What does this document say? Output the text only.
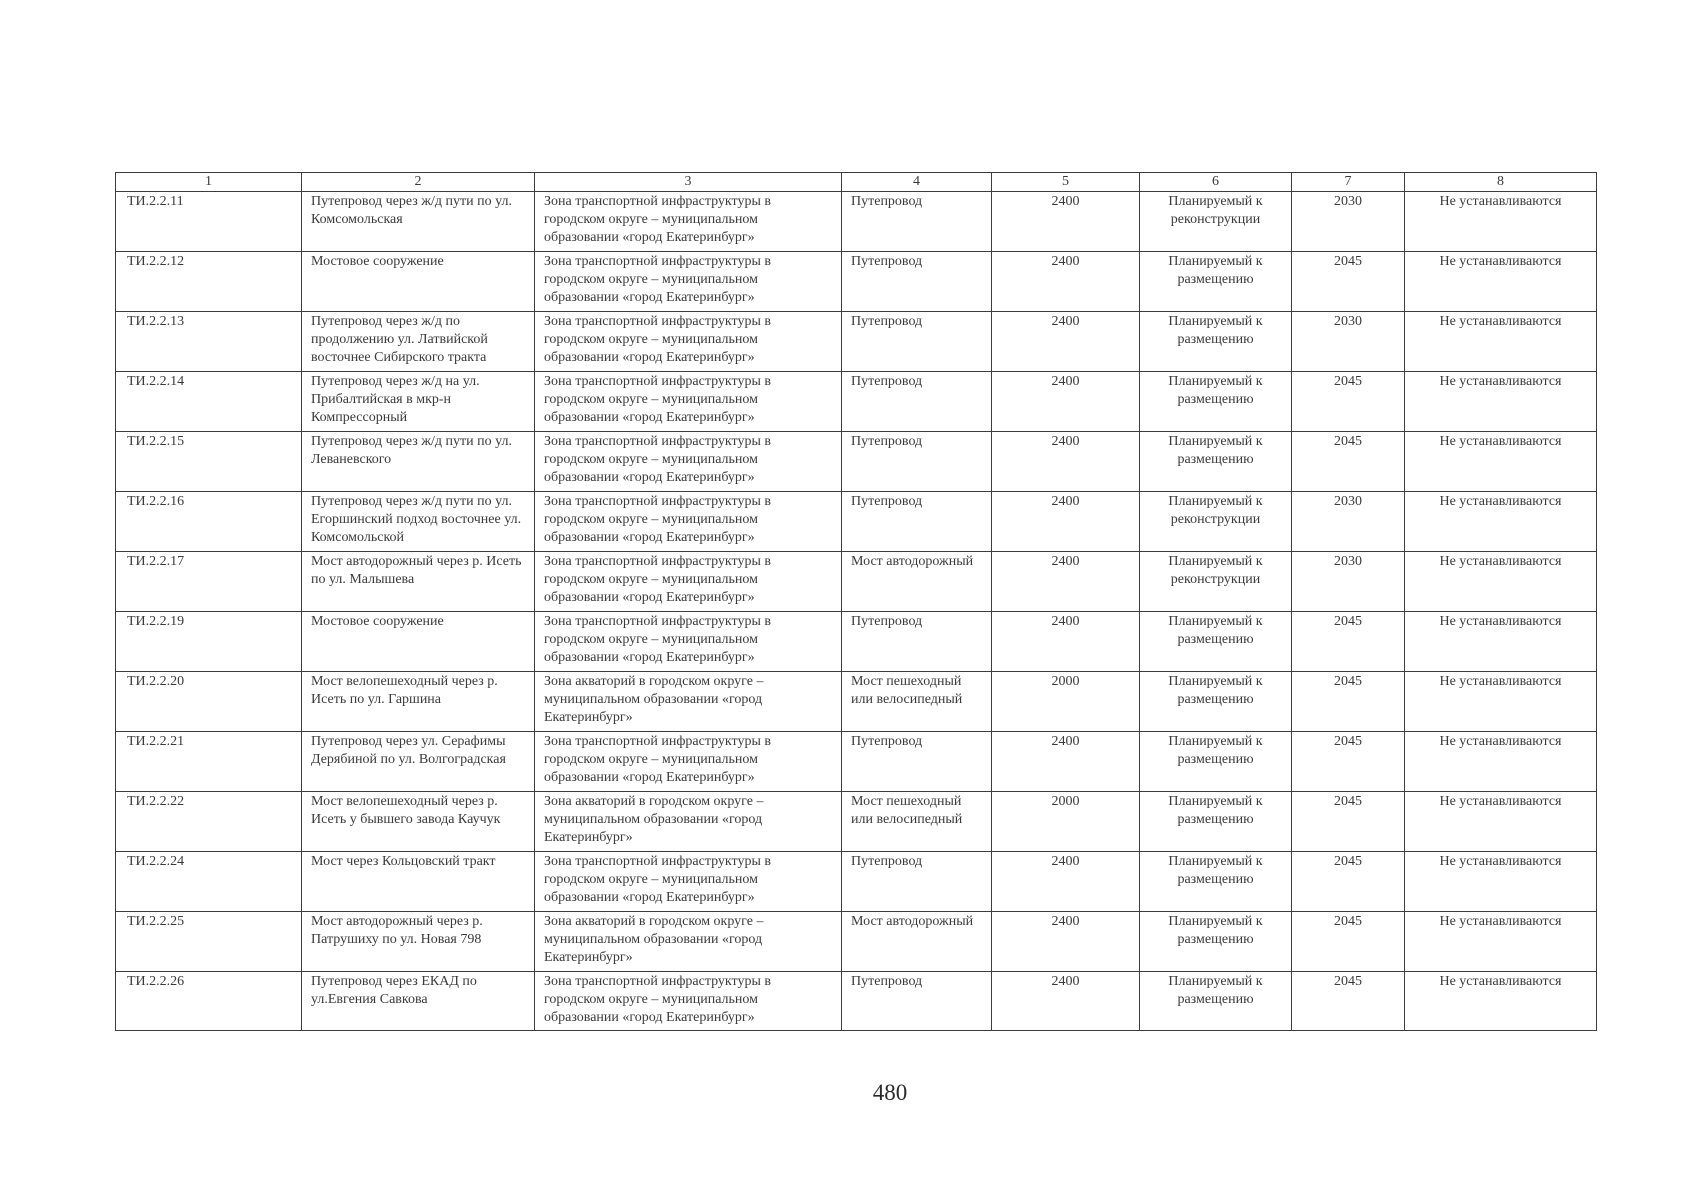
1	2	3	4	5	6	7	8
ТИ.2.2.11	Путепровод через ж/д пути по ул. Комсомольская	Зона транспортной инфраструктуры в городском округе – муниципальном образовании «город Екатеринбург»	Путепровод	2400	Планируемый к реконструкции	2030	Не устанавливаются
ТИ.2.2.12	Мостовое сооружение	Зона транспортной инфраструктуры в городском округе – муниципальном образовании «город Екатеринбург»	Путепровод	2400	Планируемый к размещению	2045	Не устанавливаются
ТИ.2.2.13	Путепровод через ж/д по продолжению ул. Латвийской восточнее Сибирского тракта	Зона транспортной инфраструктуры в городском округе – муниципальном образовании «город Екатеринбург»	Путепровод	2400	Планируемый к размещению	2030	Не устанавливаются
ТИ.2.2.14	Путепровод через ж/д на ул. Прибалтийская в мкр-н Компрессорный	Зона транспортной инфраструктуры в городском округе – муниципальном образовании «город Екатеринбург»	Путепровод	2400	Планируемый к размещению	2045	Не устанавливаются
ТИ.2.2.15	Путепровод через ж/д пути по ул. Леваневского	Зона транспортной инфраструктуры в городском округе – муниципальном образовании «город Екатеринбург»	Путепровод	2400	Планируемый к размещению	2045	Не устанавливаются
ТИ.2.2.16	Путепровод через ж/д пути по ул. Егоршинский подход восточнее ул. Комсомольской	Зона транспортной инфраструктуры в городском округе – муниципальном образовании «город Екатеринбург»	Путепровод	2400	Планируемый к реконструкции	2030	Не устанавливаются
ТИ.2.2.17	Мост автодорожный через р. Исеть по ул. Малышева	Зона транспортной инфраструктуры в городском округе – муниципальном образовании «город Екатеринбург»	Мост автодорожный	2400	Планируемый к реконструкции	2030	Не устанавливаются
ТИ.2.2.19	Мостовое сооружение	Зона транспортной инфраструктуры в городском округе – муниципальном образовании «город Екатеринбург»	Путепровод	2400	Планируемый к размещению	2045	Не устанавливаются
ТИ.2.2.20	Мост велопешеходный через р. Исеть по ул. Гаршина	Зона акваторий в городском округе – муниципальном образовании «город Екатеринбург»	Мост пешеходный или велосипедный	2000	Планируемый к размещению	2045	Не устанавливаются
ТИ.2.2.21	Путепровод через ул. Серафимы Дерябиной по ул. Волгоградская	Зона транспортной инфраструктуры в городском округе – муниципальном образовании «город Екатеринбург»	Путепровод	2400	Планируемый к размещению	2045	Не устанавливаются
ТИ.2.2.22	Мост велопешеходный через р. Исеть у бывшего завода Каучук	Зона акваторий в городском округе – муниципальном образовании «город Екатеринбург»	Мост пешеходный или велосипедный	2000	Планируемый к размещению	2045	Не устанавливаются
ТИ.2.2.24	Мост через Кольцовский тракт	Зона транспортной инфраструктуры в городском округе – муниципальном образовании «город Екатеринбург»	Путепровод	2400	Планируемый к размещению	2045	Не устанавливаются
ТИ.2.2.25	Мост автодорожный через р. Патрушиху по ул. Новая 798	Зона акваторий в городском округе – муниципальном образовании «город Екатеринбург»	Мост автодорожный	2400	Планируемый к размещению	2045	Не устанавливаются
ТИ.2.2.26	Путепровод через ЕКАД по ул.Евгения Савкова	Зона транспортной инфраструктуры в городском округе – муниципальном образовании «город Екатеринбург»	Путепровод	2400	Планируемый к размещению	2045	Не устанавливаются
480
